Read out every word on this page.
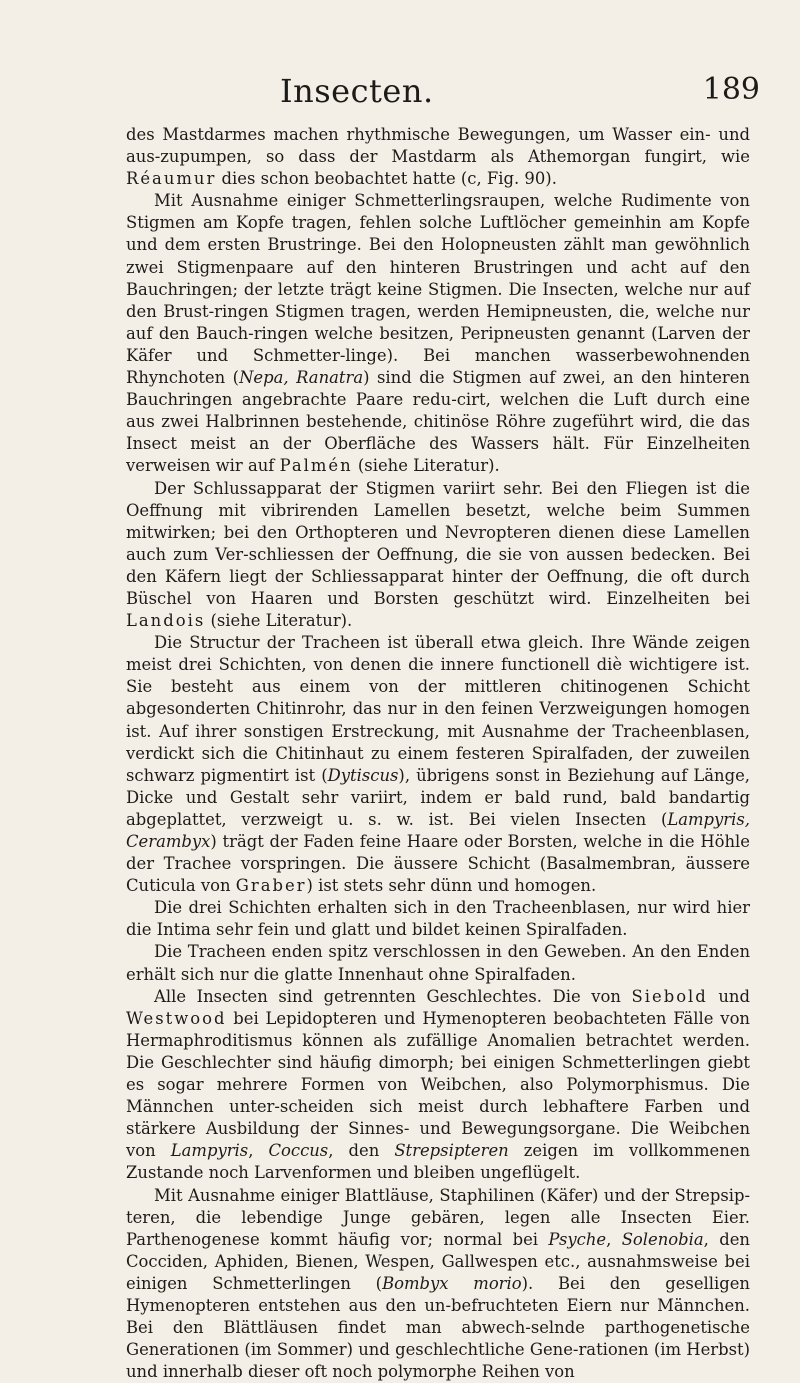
Insecten.	189

des Mastdarmes machen rhythmische Bewegungen, um Wasser ein- und aus-zupumpen, so dass der Mastdarm als Athemorgan fungirt, wie Réaumur dies schon beobachtet hatte (c, Fig. 90).

Mit Ausnahme einiger Schmetterlingsraupen, welche Rudimente von Stigmen am Kopfe tragen, fehlen solche Luftlöcher gemeinhin am Kopfe und dem ersten Brustringe. Bei den Holopneusten zählt man gewöhnlich zwei Stigmenpaare auf den hinteren Brustringen und acht auf den Bauchringen; der letzte trägt keine Stigmen. Die Insecten, welche nur auf den Brust-ringen Stigmen tragen, werden Hemipneusten, die, welche nur auf den Bauch-ringen welche besitzen, Peripneusten genannt (Larven der Käfer und Schmetter-linge). Bei manchen wasserbewohnenden Rhynchoten (Nepa, Ranatra) sind die Stigmen auf zwei, an den hinteren Bauchringen angebrachte Paare redu-cirt, welchen die Luft durch eine aus zwei Halbrinnen bestehende, chitinöse Röhre zugeführt wird, die das Insect meist an der Oberfläche des Wassers hält. Für Einzelheiten verweisen wir auf Palmén (siehe Literatur).

Der Schlussapparat der Stigmen variirt sehr. Bei den Fliegen ist die Oeffnung mit vibrirenden Lamellen besetzt, welche beim Summen mitwirken; bei den Orthopteren und Nevropteren dienen diese Lamellen auch zum Ver-schliessen der Oeffnung, die sie von aussen bedecken. Bei den Käfern liegt der Schliessapparat hinter der Oeffnung, die oft durch Büschel von Haaren und Borsten geschützt wird. Einzelheiten bei Landois (siehe Literatur).

Die Structur der Tracheen ist überall etwa gleich. Ihre Wände zeigen meist drei Schichten, von denen die innere functionell diè wichtigere ist. Sie besteht aus einem von der mittleren chitinogenen Schicht abgesonderten Chitinrohr, das nur in den feinen Verzweigungen homogen ist. Auf ihrer sonstigen Erstreckung, mit Ausnahme der Tracheenblasen, verdickt sich die Chitinhaut zu einem festeren Spiralfaden, der zuweilen schwarz pigmentirt ist (Dytiscus), übrigens sonst in Beziehung auf Länge, Dicke und Gestalt sehr variirt, indem er bald rund, bald bandartig abgeplattet, verzweigt u. s. w. ist. Bei vielen Insecten (Lampyris, Cerambyx) trägt der Faden feine Haare oder Borsten, welche in die Höhle der Trachee vorspringen. Die äussere Schicht (Basalmembran, äussere Cuticula von Graber) ist stets sehr dünn und homogen.

Die drei Schichten erhalten sich in den Tracheenblasen, nur wird hier die Intima sehr fein und glatt und bildet keinen Spiralfaden.

Die Tracheen enden spitz verschlossen in den Geweben. An den Enden erhält sich nur die glatte Innenhaut ohne Spiralfaden.

Alle Insecten sind getrennten Geschlechtes. Die von Siebold und Westwood bei Lepidopteren und Hymenopteren beobachteten Fälle von Hermaphroditismus können als zufällige Anomalien betrachtet werden. Die Geschlechter sind häufig dimorph; bei einigen Schmetterlingen giebt es sogar mehrere Formen von Weibchen, also Polymorphismus. Die Männchen unter-scheiden sich meist durch lebhaftere Farben und stärkere Ausbildung der Sinnes- und Bewegungsorgane. Die Weibchen von Lampyris, Coccus, den Strepsipteren zeigen im vollkommenen Zustande noch Larvenformen und bleiben ungeflügelt.

Mit Ausnahme einiger Blattläuse, Staphilinen (Käfer) und der Strepsip-teren, die lebendige Junge gebären, legen alle Insecten Eier. Parthenogenese kommt häufig vor; normal bei Psyche, Solenobia, den Cocciden, Aphiden, Bienen, Wespen, Gallwespen etc., ausnahmsweise bei einigen Schmetterlingen (Bombyx morio). Bei den geselligen Hymenopteren entstehen aus den un-befruchteten Eiern nur Männchen. Bei den Blättläusen findet man abwech-selnde parthogenetische Generationen (im Sommer) und geschlechtliche Gene-rationen (im Herbst) und innerhalb dieser oft noch polymorphe Reihen von
